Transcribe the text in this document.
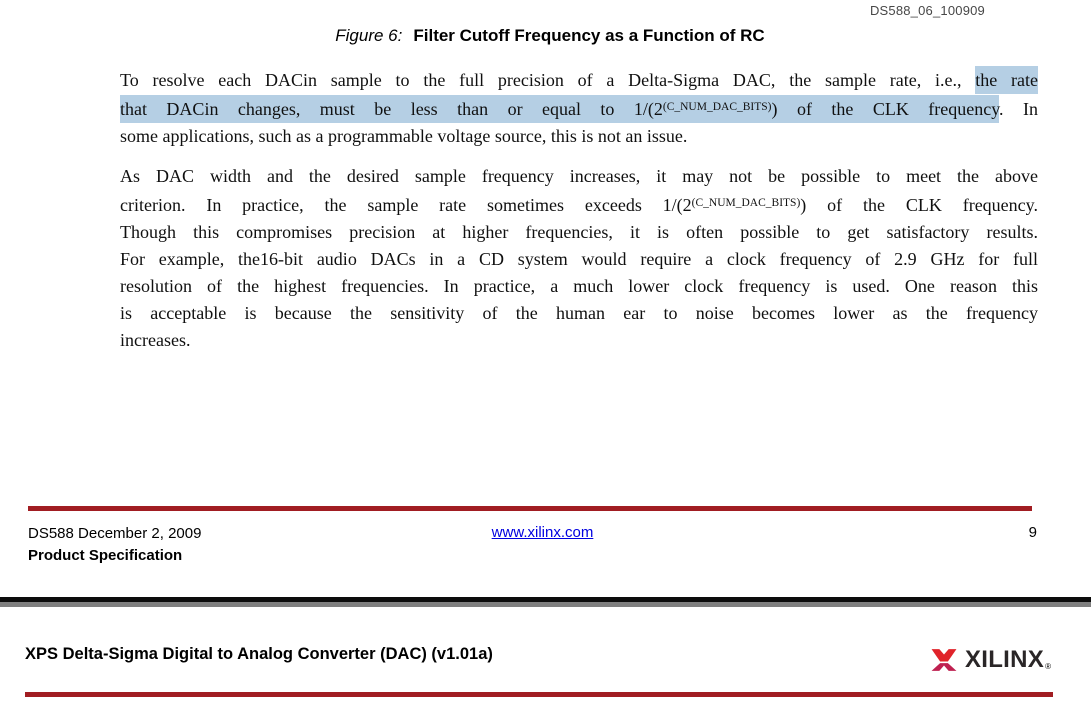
DS588_06_100909
Figure 6: Filter Cutoff Frequency as a Function of RC
To resolve each DACin sample to the full precision of a Delta-Sigma DAC, the sample rate, i.e., the rate
that DACin changes, must be less than or equal to $1/(2^{(C\_NUM\_DAC\_BITS)})$ of the CLK frequency. In
some applications, such as a programmable voltage source, this is not an issue.
As DAC width and the desired sample frequency increases, it may not be possible to meet the above
criterion. In practice, the sample rate sometimes exceeds $1/(2^{(C\_NUM\_DAC\_BITS)})$ of the CLK frequency.
Though this compromises precision at higher frequencies, it is often possible to get satisfactory results.
For example, the16-bit audio DACs in a CD system would require a clock frequency of 2.9 GHz for full
resolution of the highest frequencies. In practice, a much lower clock frequency is used. One reason this
is acceptable is because the sensitivity of the human ear to noise becomes lower as the frequency
increases.
DS588 December 2, 2009
Product Specification
www.xilinx.com	9
XPS Delta-Sigma Digital to Analog Converter (DAC) (v1.01a)	XILINX ®
